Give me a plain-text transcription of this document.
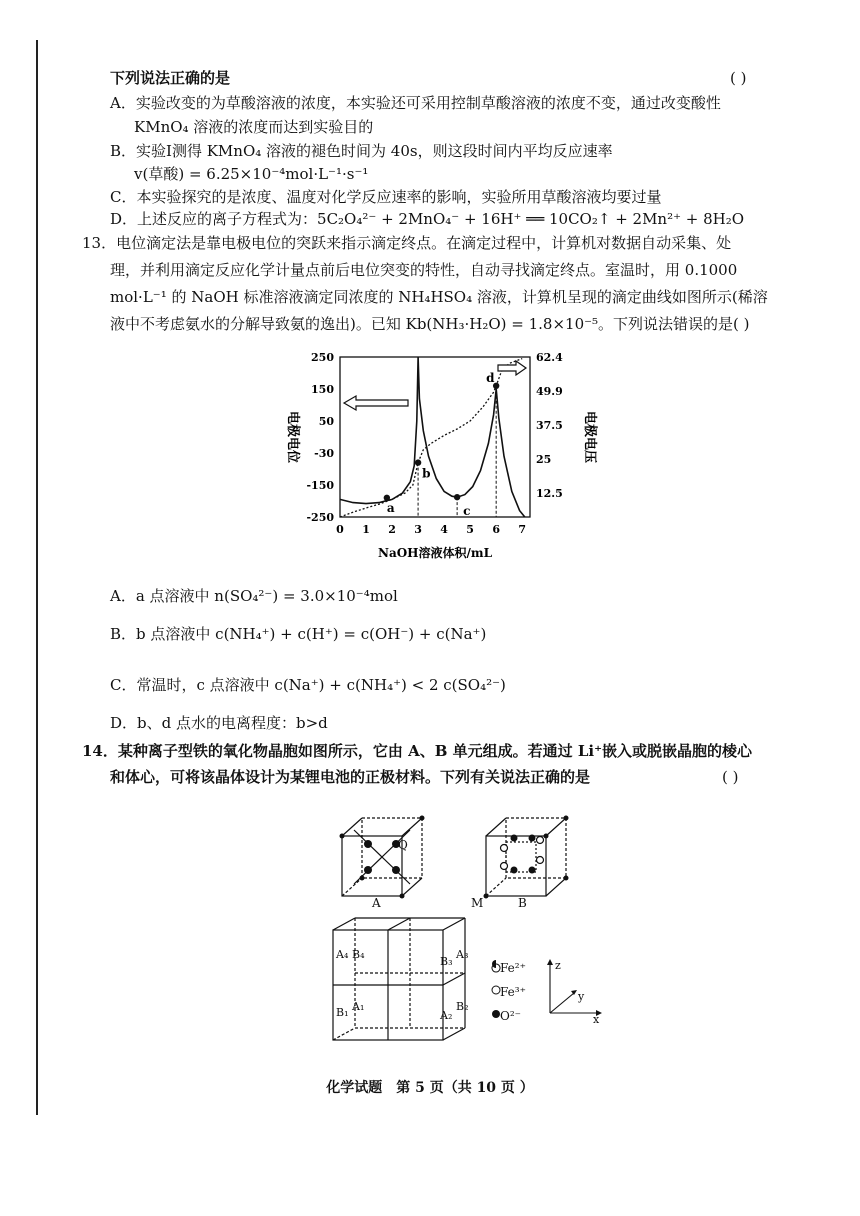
下列说法正确的是	( )
A．实验改变的为草酸溶液的浓度，本实验还可采用控制草酸溶液的浓度不变，通过改变酸性
KMnO₄ 溶液的浓度而达到实验目的
B．实验Ⅰ测得 KMnO₄ 溶液的褪色时间为 40s，则这段时间内平均反应速率
v(草酸) = 6.25×10⁻⁴mol·L⁻¹·s⁻¹
C．本实验探究的是浓度、温度对化学反应速率的影响，实验所用草酸溶液均要过量
D．上述反应的离子方程式为：5C₂O₄²⁻ + 2MnO₄⁻ + 16H⁺ ══ 10CO₂↑ + 2Mn²⁺ + 8H₂O
13．电位滴定法是靠电极电位的突跃来指示滴定终点。在滴定过程中，计算机对数据自动采集、处
理，并利用滴定反应化学计量点前后电位突变的特性，自动寻找滴定终点。室温时，用 0.1000
mol·L⁻¹ 的 NaOH 标准溶液滴定同浓度的 NH₄HSO₄ 溶液，计算机呈现的滴定曲线如图所示(稀溶
液中不考虑氨水的分解导致氨的逸出)。已知 Kb(NH₃·H₂O) = 1.8×10⁻⁵。下列说法错误的是( )
250
150
50
-30
-150
-250
62.4
49.9
37.5
25
12.5
0 1 2 3 4 5 6 7
NaOH溶液体积/mL
电极电位	电极电压
a
b
c
d
A．a 点溶液中 n(SO₄²⁻) = 3.0×10⁻⁴mol
B．b 点溶液中 c(NH₄⁺) + c(H⁺) = c(OH⁻) + c(Na⁺)
C．常温时，c 点溶液中 c(Na⁺) + c(NH₄⁺) < 2 c(SO₄²⁻)
D．b、d 点水的电离程度：b>d
14．某种离子型铁的氧化物晶胞如图所示，它由 A、B 单元组成。若通过 Li⁺嵌入或脱嵌晶胞的棱心
和体心，可将该晶体设计为某锂电池的正极材料。下列有关说法正确的是	( )
Q
A	M	B
A₄ B₄
B₃
A₃
B₁ A₁
A₂
B₂
Fe²⁺
Fe³⁺
O²⁻
z
y
x
化学试题　第 5 页（共 10 页 ）
